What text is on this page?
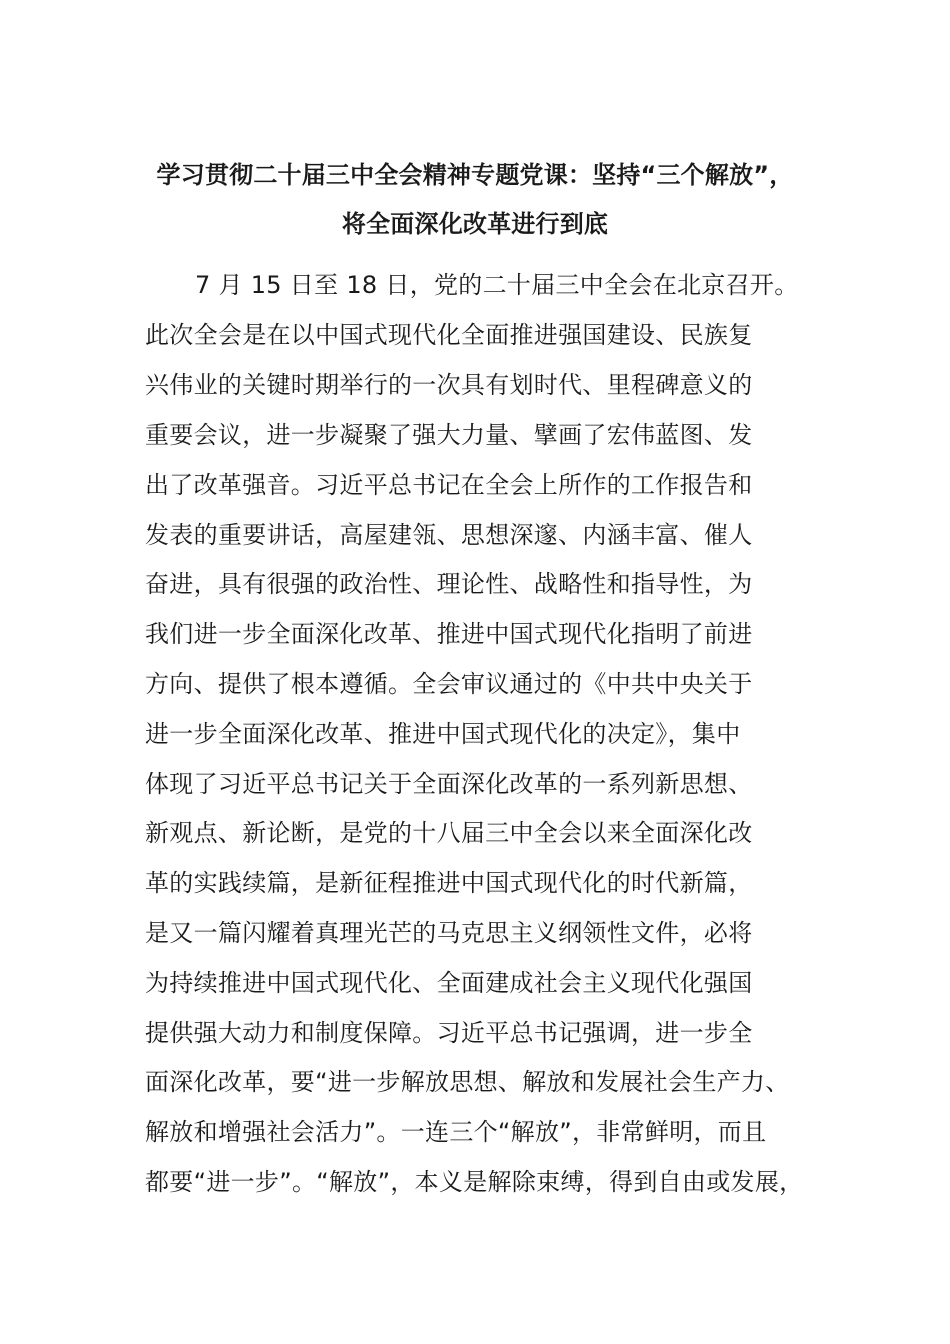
学习贯彻二十届三中全会精神专题党课：坚持“三个解放”，
将全面深化改革进行到底
7 月 15 日至 18 日，党的二十届三中全会在北京召开。
此次全会是在以中国式现代化全面推进强国建设、民族复
兴伟业的关键时期举行的一次具有划时代、里程碑意义的
重要会议，进一步凝聚了强大力量、擘画了宏伟蓝图、发
出了改革强音。习近平总书记在全会上所作的工作报告和
发表的重要讲话，高屋建瓴、思想深邃、内涵丰富、催人
奋进，具有很强的政治性、理论性、战略性和指导性，为
我们进一步全面深化改革、推进中国式现代化指明了前进
方向、提供了根本遵循。全会审议通过的《中共中央关于
进一步全面深化改革、推进中国式现代化的决定》，集中
体现了习近平总书记关于全面深化改革的一系列新思想、
新观点、新论断，是党的十八届三中全会以来全面深化改
革的实践续篇，是新征程推进中国式现代化的时代新篇，
是又一篇闪耀着真理光芒的马克思主义纲领性文件，必将
为持续推进中国式现代化、全面建成社会主义现代化强国
提供强大动力和制度保障。习近平总书记强调，进一步全
面深化改革，要“进一步解放思想、解放和发展社会生产力、
解放和增强社会活力”。一连三个“解放”，非常鲜明，而且
都要“进一步”。“解放”，本义是解除束缚，得到自由或发展，
